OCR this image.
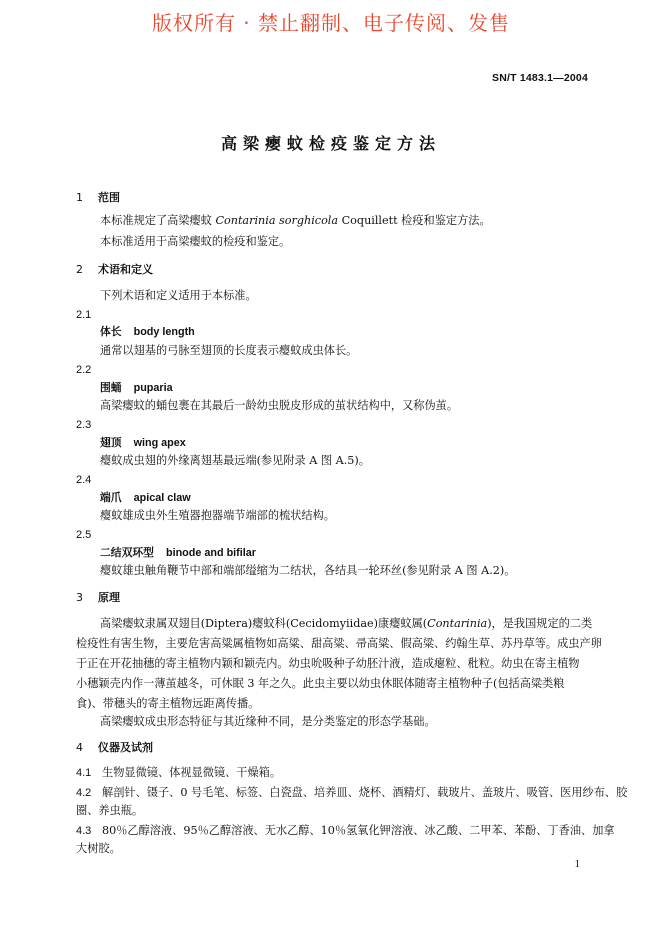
版权所有 · 禁止翻制、电子传阅、发售
SN/T 1483.1—2004
高梁瘿蚊检疫鉴定方法
1 范围
本标准规定了高梁瘿蚊 Contarinia sorghicola Coquillett 检疫和鉴定方法。
本标准适用于高梁瘿蚊的检疫和鉴定。
2 术语和定义
下列术语和定义适用于本标准。
2.1
体长 body length
通常以翅基的弓脉至翅顶的长度表示瘿蚊成虫体长。
2.2
围蛹 puparia
高梁瘿蚊的蛹包裹在其最后一龄幼虫脱皮形成的茧状结构中，又称伪茧。
2.3
翅顶 wing apex
瘿蚊成虫翅的外缘离翅基最远端(参见附录 A 图 A.5)。
2.4
端爪 apical claw
瘿蚊雄成虫外生殖器抱器端节端部的梳状结构。
2.5
二结双环型 binode and bifilar
瘿蚊雄虫触角鞭节中部和端部缢缩为二结状，各结具一轮环丝(参见附录 A 图 A.2)。
3 原理
高梁瘿蚊隶属双翅目(Diptera)瘿蚊科(Cecidomyiidae)康瘿蚊属(Contarinia)，是我国规定的二类
检疫性有害生物，主要危害高粱属植物如高粱、甜高粱、帚高粱、假高粱、约翰生草、苏丹草等。成虫产卵
于正在开花抽穗的寄主植物内颖和颖壳内。幼虫吮吸种子幼胚汁液，造成瘪粒、秕粒。幼虫在寄主植物
小穗颖壳内作一薄茧越冬，可休眠 3 年之久。此虫主要以幼虫休眠体随寄主植物种子(包括高粱类粮
食)、带穗头的寄主植物远距离传播。
高梁瘿蚊成虫形态特征与其近缘种不同，是分类鉴定的形态学基础。
4 仪器及试剂
4.1 生物显微镜、体视显微镜、干燥箱。
4.2 解剖针、镊子、0 号毛笔、标签、白瓷盘、培养皿、烧杯、酒精灯、载玻片、盖玻片、吸管、医用纱布、胶
圈、养虫瓶。
4.3 80％乙醇溶液、95％乙醇溶液、无水乙醇、10％氢氧化钾溶液、冰乙酸、二甲苯、苯酚、丁香油、加拿
大树胶。
1
